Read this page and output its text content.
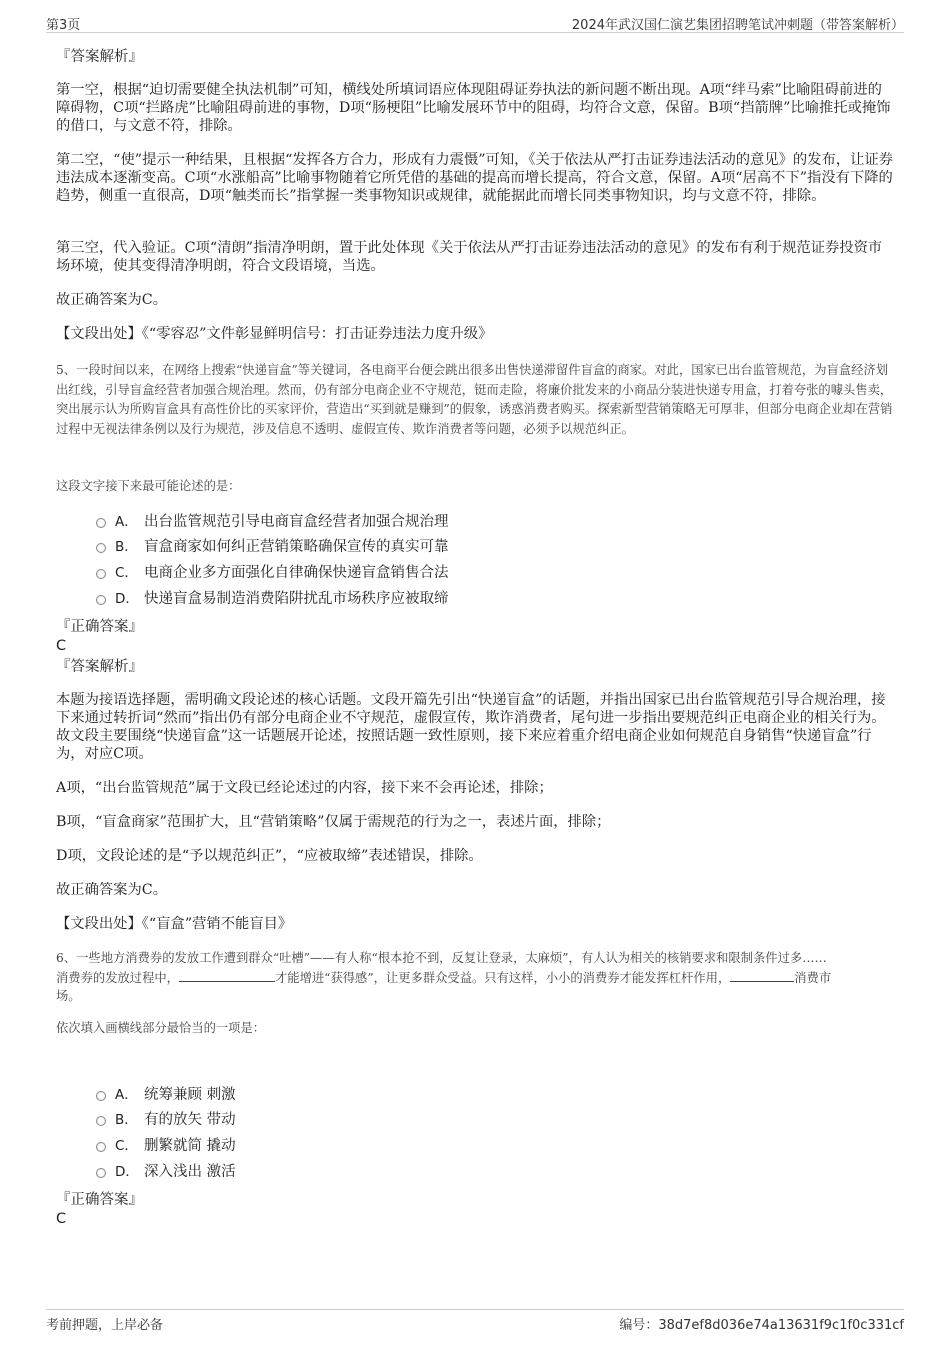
第3页	2024年武汉国仁演艺集团招聘笔试冲刺题（带答案解析）
『答案解析』
第一空，根据“迫切需要健全执法机制”可知，横线处所填词语应体现阻碍证券执法的新问题不断出现。A项“绊马索”比喻阻碍前进的障碍物，C项“拦路虎”比喻阻碍前进的事物，D项“肠梗阻”比喻发展环节中的阻碍，均符合文意，保留。B项“挡箭牌”比喻推托或掩饰的借口，与文意不符，排除。
第二空，“使”提示一种结果，且根据“发挥各方合力，形成有力震慑”可知，《关于依法从严打击证券违法活动的意见》的发布，让证券违法成本逐渐变高。C项“水涨船高”比喻事物随着它所凭借的基础的提高而增长提高，符合文意，保留。A项“居高不下”指没有下降的趋势，侧重一直很高，D项“触类而长”指掌握一类事物知识或规律，就能据此而增长同类事物知识，均与文意不符，排除。
第三空，代入验证。C项“清朗”指清净明朗，置于此处体现《关于依法从严打击证券违法活动的意见》的发布有利于规范证券投资市场环境，使其变得清净明朗，符合文段语境，当选。
故正确答案为C。
【文段出处】《“零容忍”文件彰显鲜明信号：打击证券违法力度升级》
5、一段时间以来，在网络上搜索“快递盲盒”等关键词，各电商平台便会跳出很多出售快递滞留件盲盒的商家。对此，国家已出台监管规范，为盲盒经济划出红线，引导盲盒经营者加强合规治理。然而，仍有部分电商企业不守规范，铤而走险，将廉价批发来的小商品分装进快递专用盒，打着夸张的噱头售卖，突出展示认为所购盲盒具有高性价比的买家评价，营造出“买到就是赚到”的假象，诱惑消费者购买。探索新型营销策略无可厚非，但部分电商企业却在营销过程中无视法律条例以及行为规范，涉及信息不透明、虚假宣传、欺诈消费者等问题，必须予以规范纠正。
这段文字接下来最可能论述的是：
A． 出台监管规范引导电商盲盒经营者加强合规治理
B． 盲盒商家如何纠正营销策略确保宣传的真实可靠
C． 电商企业多方面强化自律确保快递盲盒销售合法
D． 快递盲盒易制造消费陷阱扰乱市场秩序应被取缔
『正确答案』
C
『答案解析』
本题为接语选择题，需明确文段论述的核心话题。文段开篇先引出“快递盲盒”的话题，并指出国家已出台监管规范引导合规治理，接下来通过转折词“然而”指出仍有部分电商企业不守规范，虚假宣传，欺诈消费者，尾句进一步指出要规范纠正电商企业的相关行为。故文段主要围绕“快递盲盒”这一话题展开论述，按照话题一致性原则，接下来应着重介绍电商企业如何规范自身销售“快递盲盒”行为，对应C项。
A项，“出台监管规范”属于文段已经论述过的内容，接下来不会再论述，排除；
B项，“盲盒商家”范围扩大，且“营销策略”仅属于需规范的行为之一，表述片面，排除；
D项，文段论述的是“予以规范纠正”，“应被取缔”表述错误，排除。
故正确答案为C。
【文段出处】《“盲盒”营销不能盲目》
6、一些地方消费券的发放工作遭到群众“吐槽”——有人称“根本抢不到，反复让登录，太麻烦”，有人认为相关的核销要求和限制条件过多……
消费券的发放过程中，	才能增进“获得感”，让更多群众受益。只有这样，小小的消费券才能发挥杠杆作用，	消费市
场。
依次填入画横线部分最恰当的一项是：
A． 统筹兼顾 刺激
B． 有的放矢 带动
C． 删繁就简 撬动
D． 深入浅出 激活
『正确答案』
C
考前押题，上岸必备	编号：38d7ef8d036e74a13631f9c1f0c331cf
